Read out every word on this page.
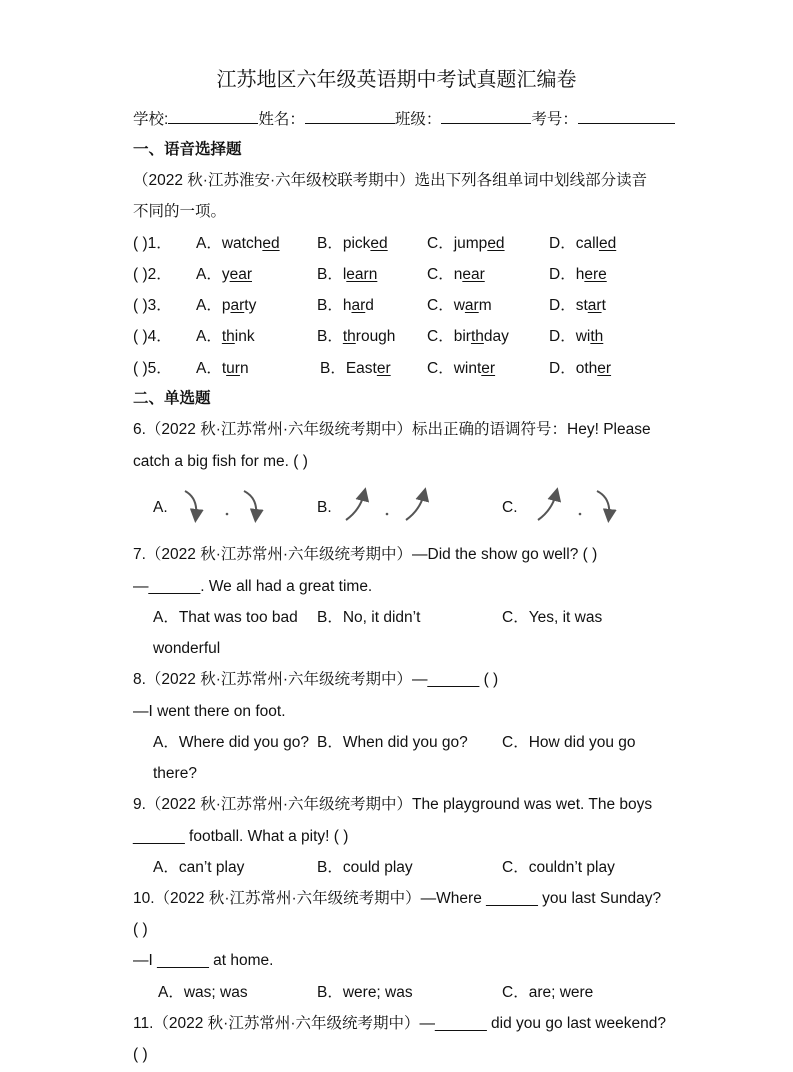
江苏地区六年级英语期中考试真题汇编卷
学校:	姓名：	班级：	考号：
一、语音选择题
（2022 秋·江苏淮安·六年级校联考期中）选出下列各组单词中划线部分读音
不同的一项。
( )1． A．watched B．picked	C．jumped	D．called
( )2． A．year	B．learn	C．near	D．here
( )3． A．party	B．hard	C．warm	D．start
( )4． A．think	B．through C．birthday	D．with
( )5． A．turn	B．Easter C．winter	D．other
二、单选题
6.（2022 秋·江苏常州·六年级统考期中）标出正确的语调符号：Hey! Please
catch a big fish for me. ( )
A.	B.	C.
7.（2022 秋·江苏常州·六年级统考期中）—Did the show go well? ( )
—______. We all had a great time.
A．That was too bad B．No, it didn’t	C．Yes, it was
wonderful
8.（2022 秋·江苏常州·六年级统考期中）—______ ( )
—I went there on foot.
A．Where did you go? B．When did you go? C．How did you go
there?
9.（2022 秋·江苏常州·六年级统考期中）The playground was wet. The boys
______ football. What a pity! ( )
A．can’t play	B．could play	C．couldn’t play
10.（2022 秋·江苏常州·六年级统考期中）—Where ______ you last Sunday?
( )
—I ______ at home.
A．was; was	B．were; was	C．are; were
11.（2022 秋·江苏常州·六年级统考期中）—______ did you go last weekend?
( )
